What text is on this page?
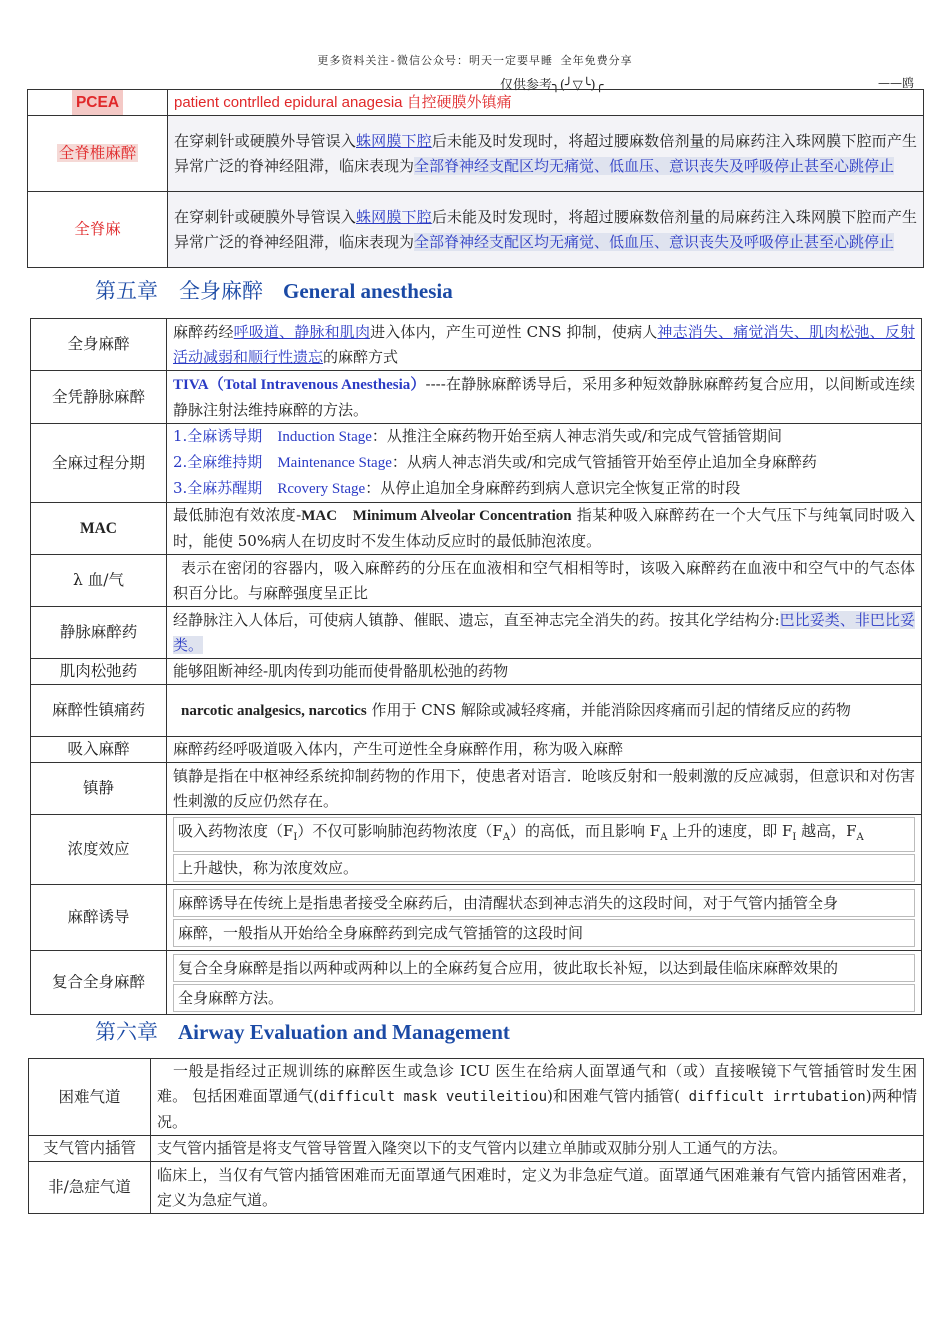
更多资料关注-微信公众号：明天一定要早睡 全年免费分享
仅供参考╮(╯▽╰)╭	——鸥
PCEA	patient contrlled epidural anagesia 自控硬膜外镇痛
全脊椎麻醉	在穿刺针或硬膜外导管误入蛛网膜下腔后未能及时发现时，将超过腰麻数倍剂量的局麻药注入珠网膜下腔而产生异常广泛的脊神经阻滞，临床表现为全部脊神经支配区均无痛觉、低血压、意识丧失及呼吸停止甚至心跳停止
全脊麻	在穿刺针或硬膜外导管误入蛛网膜下腔后未能及时发现时，将超过腰麻数倍剂量的局麻药注入珠网膜下腔而产生异常广泛的脊神经阻滞，临床表现为全部脊神经支配区均无痛觉、低血压、意识丧失及呼吸停止甚至心跳停止
第五章　全身麻醉 General anesthesia
全身麻醉	麻醉药经呼吸道、静脉和肌肉进入体内，产生可逆性 CNS 抑制，使病人神志消失、痛觉消失、肌肉松弛、反射活动减弱和顺行性遗忘的麻醉方式
全凭静脉麻醉	TIVA（Total Intravenous Anesthesia）----在静脉麻醉诱导后，采用多种短效静脉麻醉药复合应用，以间断或连续静脉注射法维持麻醉的方法。
全麻过程分期	1.全麻诱导期　 Induction Stage：从推注全麻药物开始至病人神志消失或/和完成气管插管期间
2.全麻维持期　 Maintenance Stage：从病人神志消失或/和完成气管插管开始至停止追加全身麻醉药
3.全麻苏醒期　 Rcovery Stage：从停止追加全身麻醉药到病人意识完全恢复正常的时段

MAC	最低肺泡有效浓度-MAC　Minimum Alveolar Concentration 指某种吸入麻醉药在一个大气压下与纯氧同时吸入时，能使 50%病人在切皮时不发生体动反应时的最低肺泡浓度。
λ 血/气	表示在密闭的容器内，吸入麻醉药的分压在血液相和空气相相等时，该吸入麻醉药在血液中和空气中的气态体积百分比。与麻醉强度呈正比
静脉麻醉药	经静脉注入人体后，可使病人镇静、催眠、遗忘，直至神志完全消失的药。按其化学结构分:巴比妥类、非巴比妥类。
肌肉松弛药	能够阻断神经-肌肉传到功能而使骨骼肌松弛的药物
麻醉性镇痛药	narcotic analgesics, narcotics 作用于 CNS 解除或减轻疼痛，并能消除因疼痛而引起的情绪反应的药物
吸入麻醉	麻醉药经呼吸道吸入体内，产生可逆性全身麻醉作用，称为吸入麻醉
镇静	镇静是指在中枢神经系统抑制药物的作用下，使患者对语言．呛咳反射和一般刺激的反应减弱，但意识和对伤害性刺激的反应仍然存在。
浓度效应	吸入药物浓度$(F_I)$不仅可影响肺泡药物浓度$(F_A)$的高低，而且影响 $F_A$ 上升的速度，即 $F_I$ 越高，$F_A$
上升越快，称为浓度效应。

麻醉诱导	麻醉诱导在传统上是指患者接受全麻药后，由清醒状态到神志消失的这段时间，对于气管内插管全身
麻醉，一般指从开始给全身麻醉药到完成气管插管的这段时间

复合全身麻醉	复合全身麻醉是指以两种或两种以上的全麻药复合应用，彼此取长补短，以达到最佳临床麻醉效果的
全身麻醉方法。
第六章 Airway Evaluation and Management
困难气道	一般是指经过正规训练的麻醉医生或急诊 ICU 医生在给病人面罩通气和（或）直接喉镜下气管插管时发生困难。 包括困难面罩通气(difficult mask veutileitiou)和困难气管内插管( difficult irrtubation)两种情况。
支气管内插管	支气管内插管是将支气管导管置入隆突以下的支气管内以建立单肺或双肺分别人工通气的方法。
非/急症气道	临床上，当仅有气管内插管困难而无面罩通气困难时，定义为非急症气道。面罩通气困难兼有气管内插管困难者，定义为急症气道。
